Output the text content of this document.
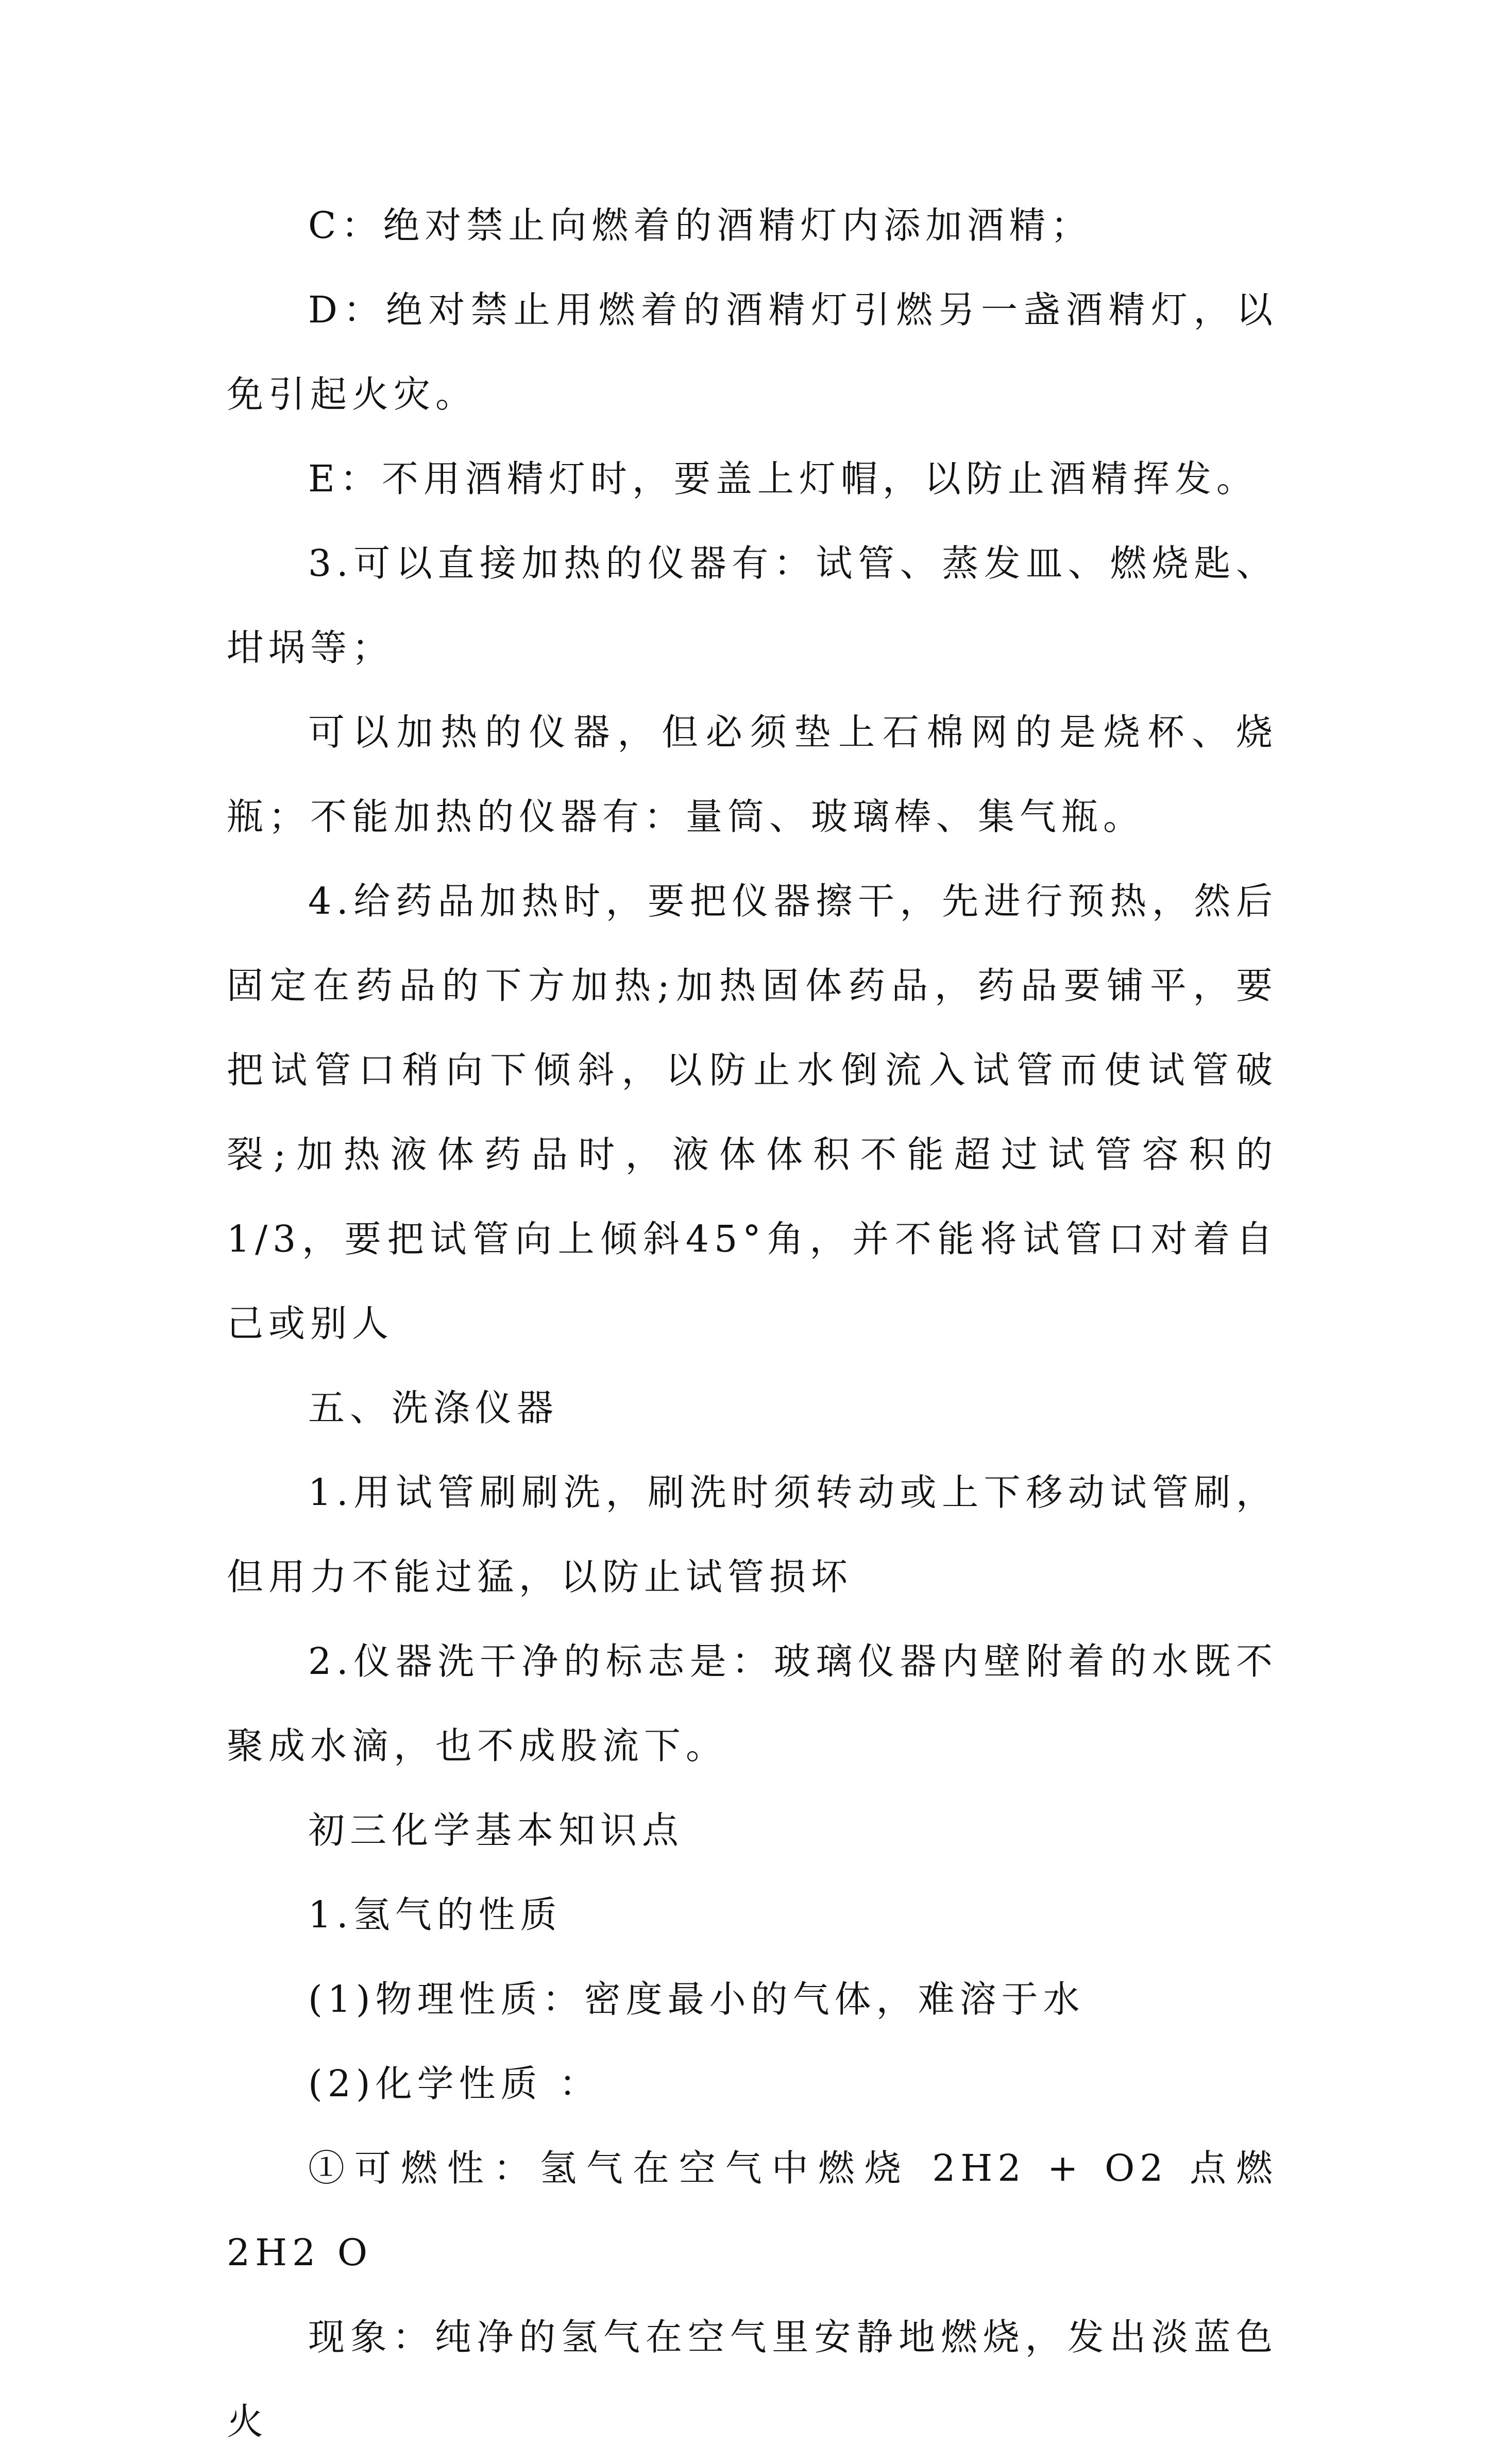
C：绝对禁止向燃着的酒精灯内添加酒精；

D：绝对禁止用燃着的酒精灯引燃另一盏酒精灯，以免引起火灾。

E：不用酒精灯时，要盖上灯帽，以防止酒精挥发。

3.可以直接加热的仪器有：试管、蒸发皿、燃烧匙、坩埚等；

可以加热的仪器，但必须垫上石棉网的是烧杯、烧瓶；不能加热的仪器有：量筒、玻璃棒、集气瓶。

4.给药品加热时，要把仪器擦干，先进行预热，然后固定在药品的下方加热;加热固体药品，药品要铺平，要把试管口稍向下倾斜，以防止水倒流入试管而使试管破裂;加热液体药品时，液体体积不能超过试管容积的1/3，要把试管向上倾斜45°角，并不能将试管口对着自己或别人

五、洗涤仪器

1.用试管刷刷洗，刷洗时须转动或上下移动试管刷，但用力不能过猛，以防止试管损坏

2.仪器洗干净的标志是：玻璃仪器内壁附着的水既不聚成水滴，也不成股流下。

初三化学基本知识点

1.氢气的性质

(1)物理性质：密度最小的气体，难溶于水

(2)化学性质 ：

①可燃性：氢气在空气中燃烧 2H2 + O2 点燃 2H2 O

现象：纯净的氢气在空气里安静地燃烧，发出淡蓝色火
